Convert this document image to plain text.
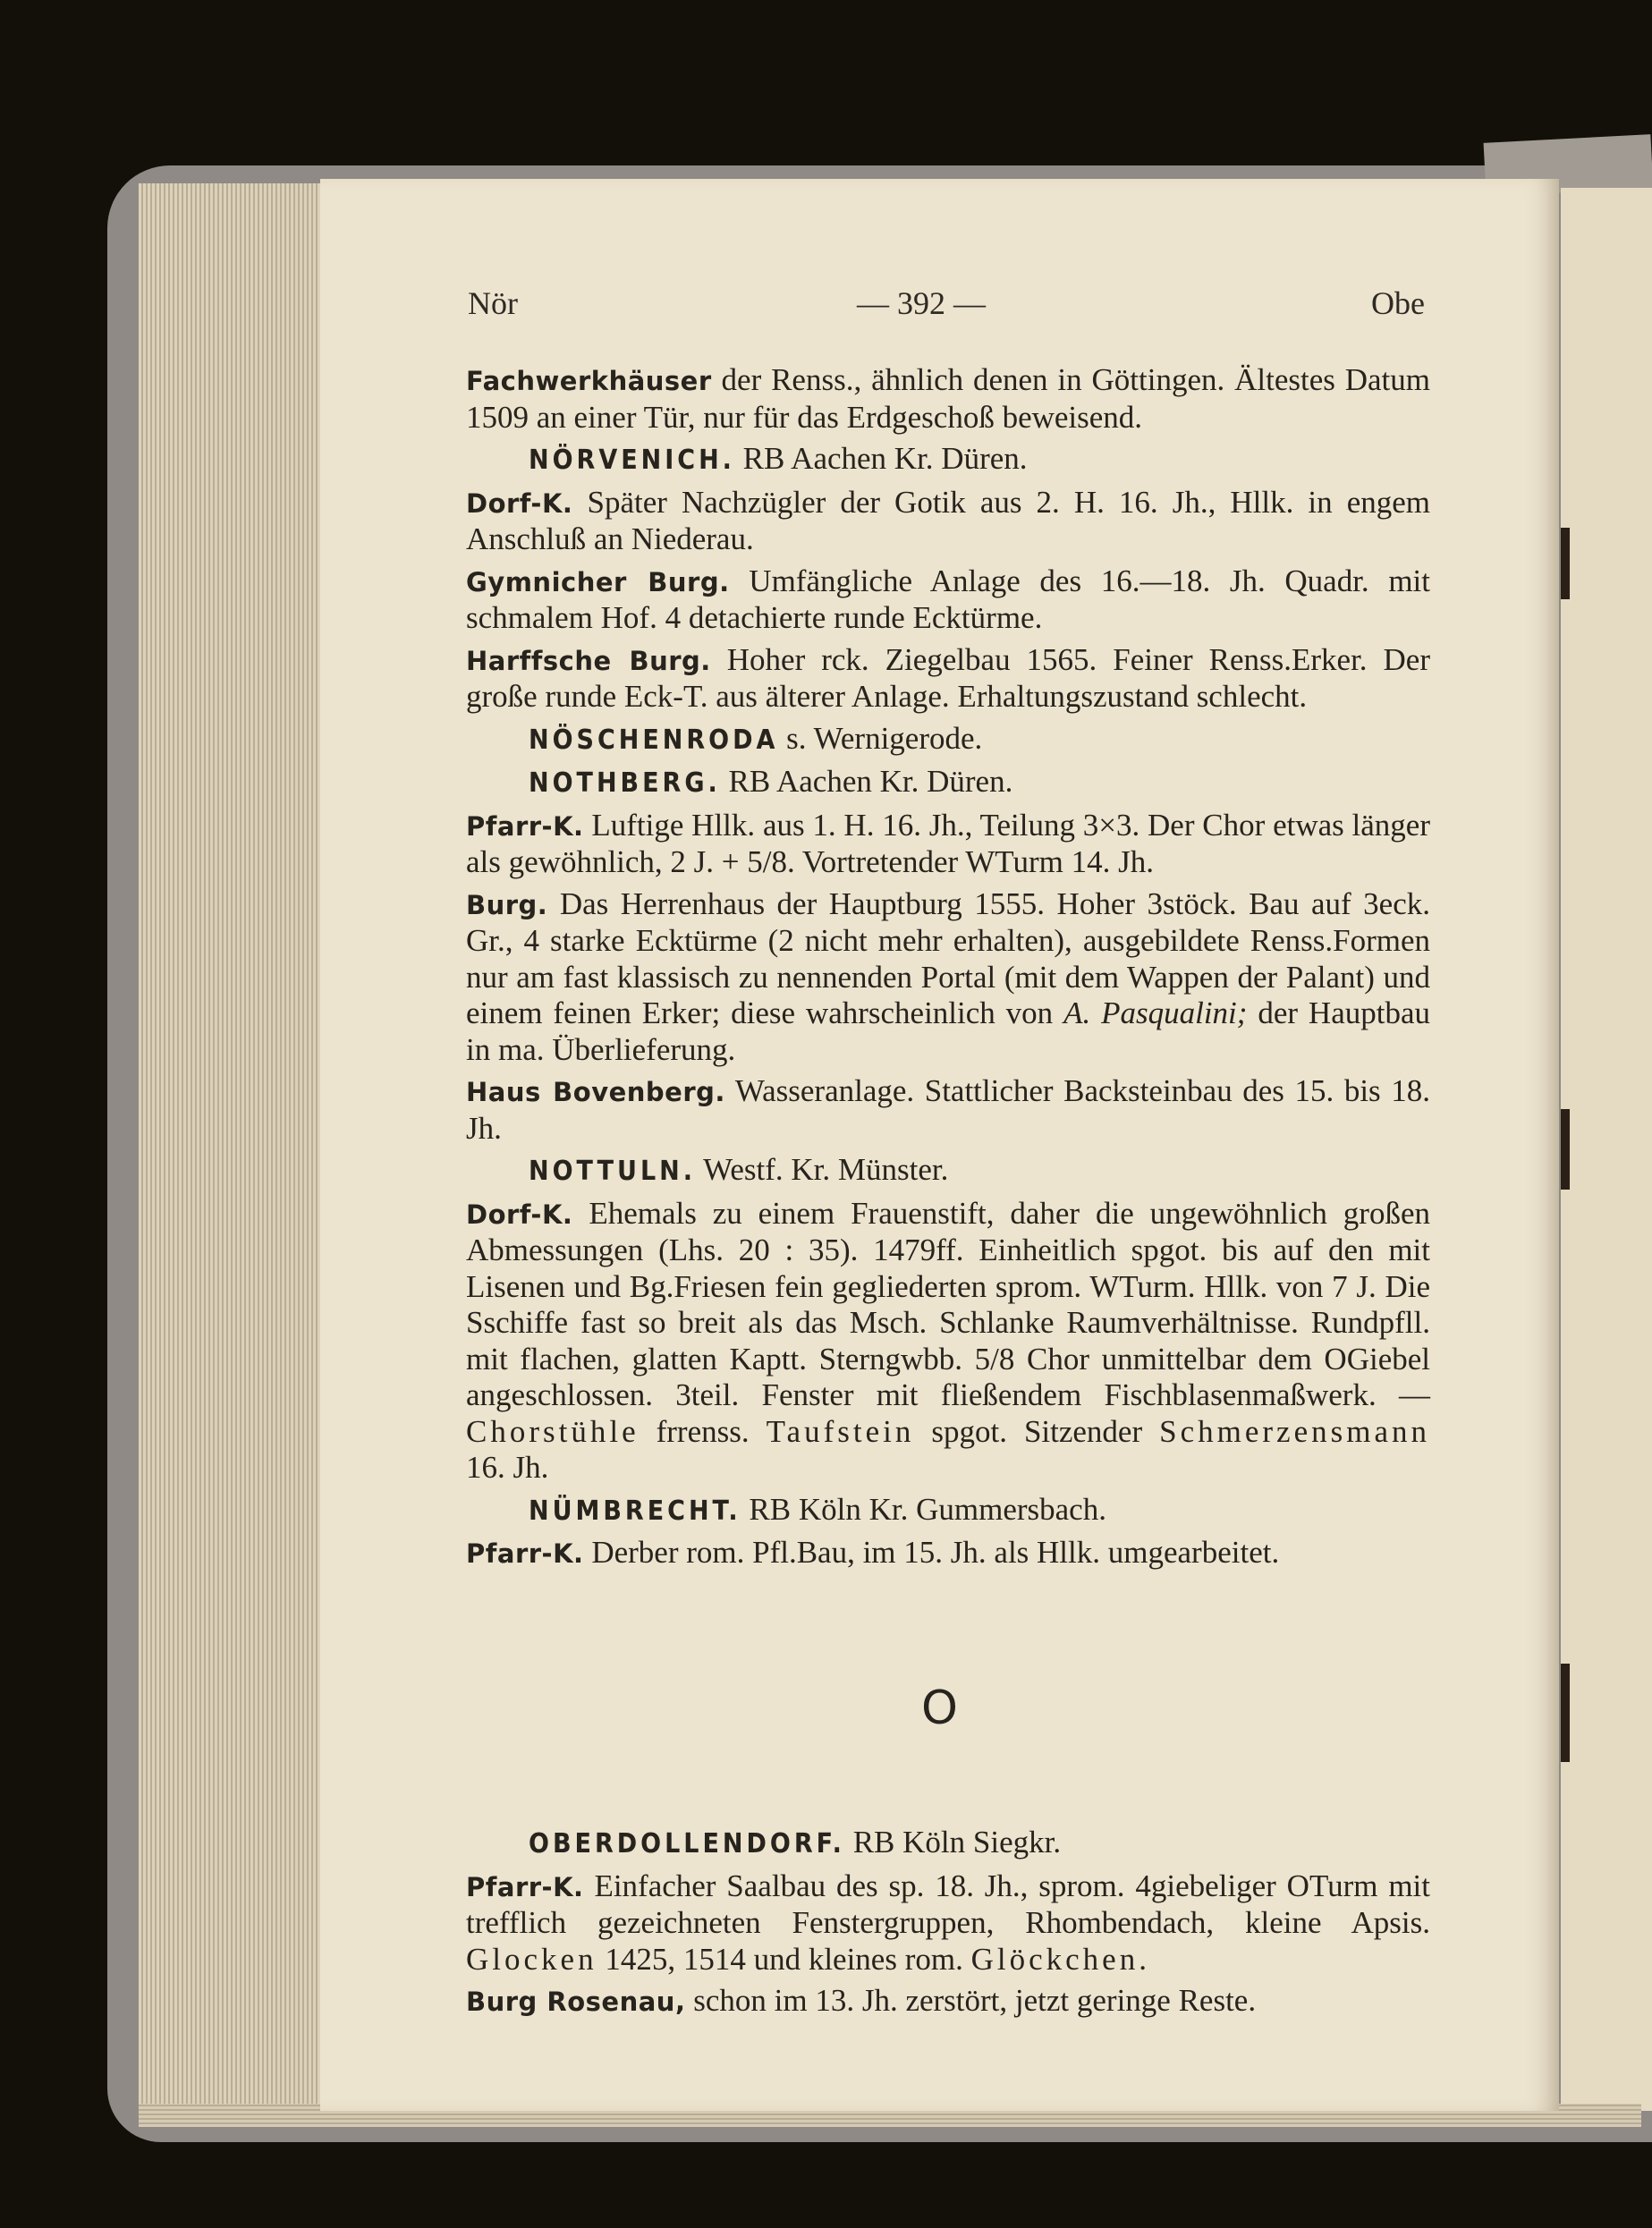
Nör	— 392 —	Obe

Fachwerkhäuser der Renss., ähnlich denen in Göttingen. Ältestes Datum 1509 an einer Tür, nur für das Erdgeschoß beweisend.

NÖRVENICH. RB Aachen Kr. Düren.

Dorf-K. Später Nachzügler der Gotik aus 2. H. 16. Jh., Hllk. in engem Anschluß an Niederau.

Gymnicher Burg. Umfängliche Anlage des 16.—18. Jh. Quadr. mit schmalem Hof. 4 detachierte runde Ecktürme.

Harffsche Burg. Hoher rck. Ziegelbau 1565. Feiner Renss.Erker. Der große runde Eck-T. aus älterer Anlage. Erhaltungszustand schlecht.

NÖSCHENRODA s. Wernigerode.

NOTHBERG. RB Aachen Kr. Düren.

Pfarr-K. Luftige Hllk. aus 1. H. 16. Jh., Teilung 3×3. Der Chor etwas länger als gewöhnlich, 2 J. + 5/8. Vortretender WTurm 14. Jh.

Burg. Das Herrenhaus der Hauptburg 1555. Hoher 3stöck. Bau auf 3eck. Gr., 4 starke Ecktürme (2 nicht mehr erhalten), ausgebildete Renss.Formen nur am fast klassisch zu nennenden Portal (mit dem Wappen der Palant) und einem feinen Erker; diese wahrscheinlich von A. Pasqualini; der Hauptbau in ma. Überlieferung.

Haus Bovenberg. Wasseranlage. Stattlicher Backsteinbau des 15. bis 18. Jh.

NOTTULN. Westf. Kr. Münster.

Dorf-K. Ehemals zu einem Frauenstift, daher die ungewöhnlich großen Abmessungen (Lhs. 20 : 35). 1479ff. Einheitlich spgot. bis auf den mit Lisenen und Bg.Friesen fein gegliederten sprom. WTurm. Hllk. von 7 J. Die Sschiffe fast so breit als das Msch. Schlanke Raumverhältnisse. Rundpfll. mit flachen, glatten Kaptt. Sterngwbb. 5/8 Chor unmittelbar dem OGiebel angeschlossen. 3teil. Fenster mit fließendem Fischblasenmaßwerk. — Chorstühle frrenss. Taufstein spgot. Sitzender Schmerzensmann 16. Jh.

NÜMBRECHT. RB Köln Kr. Gummersbach.

Pfarr-K. Derber rom. Pfl.Bau, im 15. Jh. als Hllk. umgearbeitet.

O

OBERDOLLENDORF. RB Köln Siegkr.

Pfarr-K. Einfacher Saalbau des sp. 18. Jh., sprom. 4giebeliger OTurm mit trefflich gezeichneten Fenstergruppen, Rhombendach, kleine Apsis. Glocken 1425, 1514 und kleines rom. Glöckchen.

Burg Rosenau, schon im 13. Jh. zerstört, jetzt geringe Reste.
